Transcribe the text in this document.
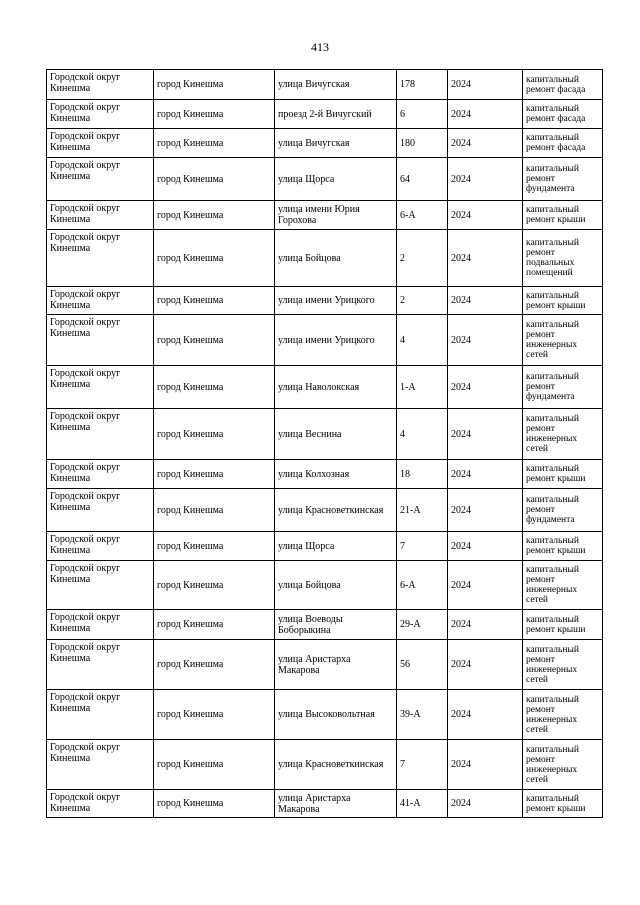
413
Городской округ Кинешма	город Кинешма	улица Вичугская	178	2024	капитальный ремонт фасада
Городской округ Кинешма	город Кинешма	проезд 2-й Вичугский	6	2024	капитальный ремонт фасада
Городской округ Кинешма	город Кинешма	улица Вичугская	180	2024	капитальный ремонт фасада
Городской округ Кинешма	город Кинешма	улица Щорса	64	2024	капитальный ремонт фундамента
Городской округ Кинешма	город Кинешма	улица имени Юрия Горохова	6-А	2024	капитальный ремонт крыши
Городской округ Кинешма	город Кинешма	улица Бойцова	2	2024	капитальный ремонт подвальных помещений
Городской округ Кинешма	город Кинешма	улица имени Урицкого	2	2024	капитальный ремонт крыши
Городской округ Кинешма	город Кинешма	улица имени Урицкого	4	2024	капитальный ремонт инженерных сетей
Городской округ Кинешма	город Кинешма	улица Наволокская	1-А	2024	капитальный ремонт фундамента
Городской округ Кинешма	город Кинешма	улица Веснина	4	2024	капитальный ремонт инженерных сетей
Городской округ Кинешма	город Кинешма	улица Колхозная	18	2024	капитальный ремонт крыши
Городской округ Кинешма	город Кинешма	улица Красноветкинская	21-А	2024	капитальный ремонт фундамента
Городской округ Кинешма	город Кинешма	улица Щорса	7	2024	капитальный ремонт крыши
Городской округ Кинешма	город Кинешма	улица Бойцова	6-А	2024	капитальный ремонт инженерных сетей
Городской округ Кинешма	город Кинешма	улица Воеводы Боборыкина	29-А	2024	капитальный ремонт крыши
Городской округ Кинешма	город Кинешма	улица Аристарха Макарова	56	2024	капитальный ремонт инженерных сетей
Городской округ Кинешма	город Кинешма	улица Высоковольтная	39-А	2024	капитальный ремонт инженерных сетей
Городской округ Кинешма	город Кинешма	улица Красноветкинская	7	2024	капитальный ремонт инженерных сетей
Городской округ Кинешма	город Кинешма	улица Аристарха Макарова	41-А	2024	капитальный ремонт крыши
